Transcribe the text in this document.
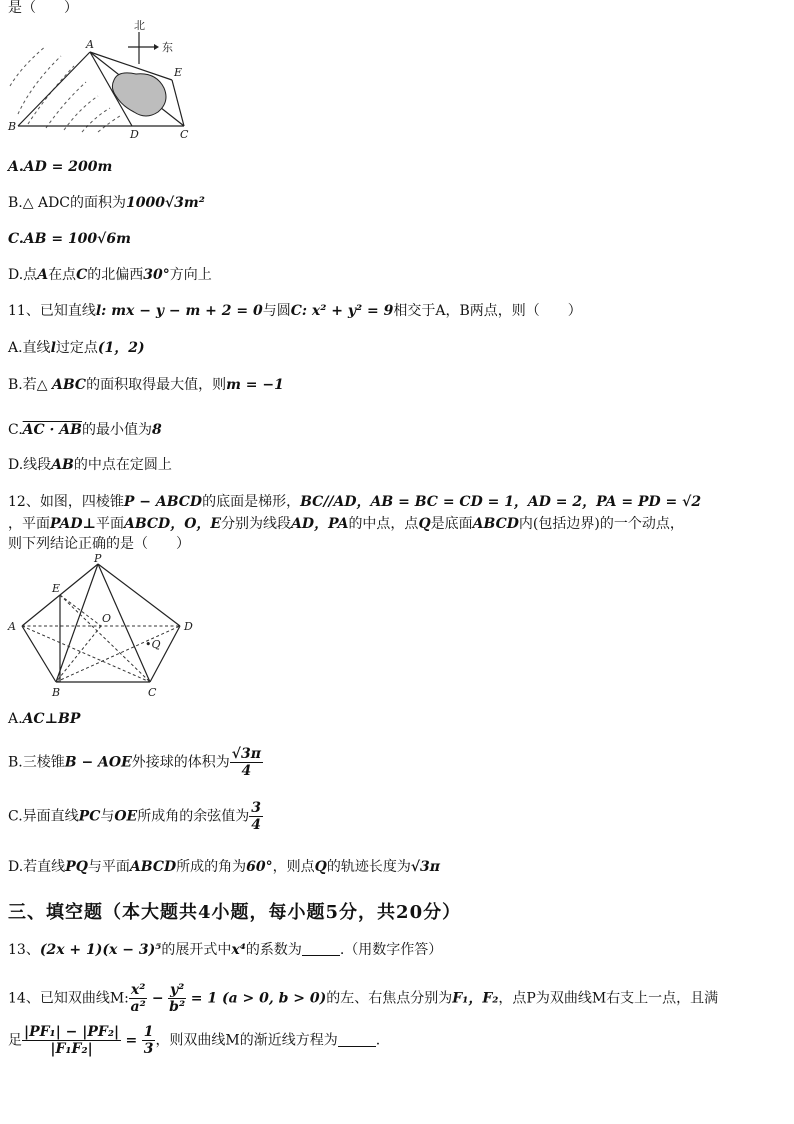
是（　　）
北
东
A
B
C
D
E
A.AD = 200m
B.△ ADC的面积为1000√3m²
C.AB = 100√6m
D.点A在点C的北偏西30°方向上
11、已知直线l: mx − y − m + 2 = 0与圆C: x² + y² = 9相交于A，B两点，则（　　）
A.直线l过定点(1，2)
B.若△ ABC的面积取得最大值，则m = −1
C.AC · AB的最小值为8
D.线段AB的中点在定圆上
12、如图，四棱锥P − ABCD的底面是梯形，BC//AD，AB = BC = CD = 1，AD = 2，PA = PD = √2
，平面PAD⊥平面ABCD，O，E分别为线段AD，PA的中点，点Q是底面ABCD内(包括边界)的一个动点，
则下列结论正确的是（　　）
P
E
A
O
D
•Q
B	C
A.AC⊥BP
B.三棱锥B − AOE外接球的体积为 $\frac{√3\pi}{4}$
C.异面直线PC与OE所成角的余弦值为 $\frac{3}{4}$
D.若直线PQ与平面ABCD所成的角为60°，则点Q的轨迹长度为√3π
三、填空题（本大题共4小题，每小题5分，共20分）
13、(2x + 1)(x − 3)⁵的展开式中x⁴的系数为	.（用数字作答）
14、已知双曲线M: $\frac{\text{x²}}{\text{a²}} - \frac{\text{y²}}{\text{b²}} = 1$ (a > 0, b > 0)的左、右焦点分别为F₁，F₂，点P为双曲线M右支上一点，且满
足 $\frac{\text{|PF₁| − |PF₂|}}{\text{|F₁F₂|}} = \frac{1}{3}$ ，则双曲线M的渐近线方程为	.
